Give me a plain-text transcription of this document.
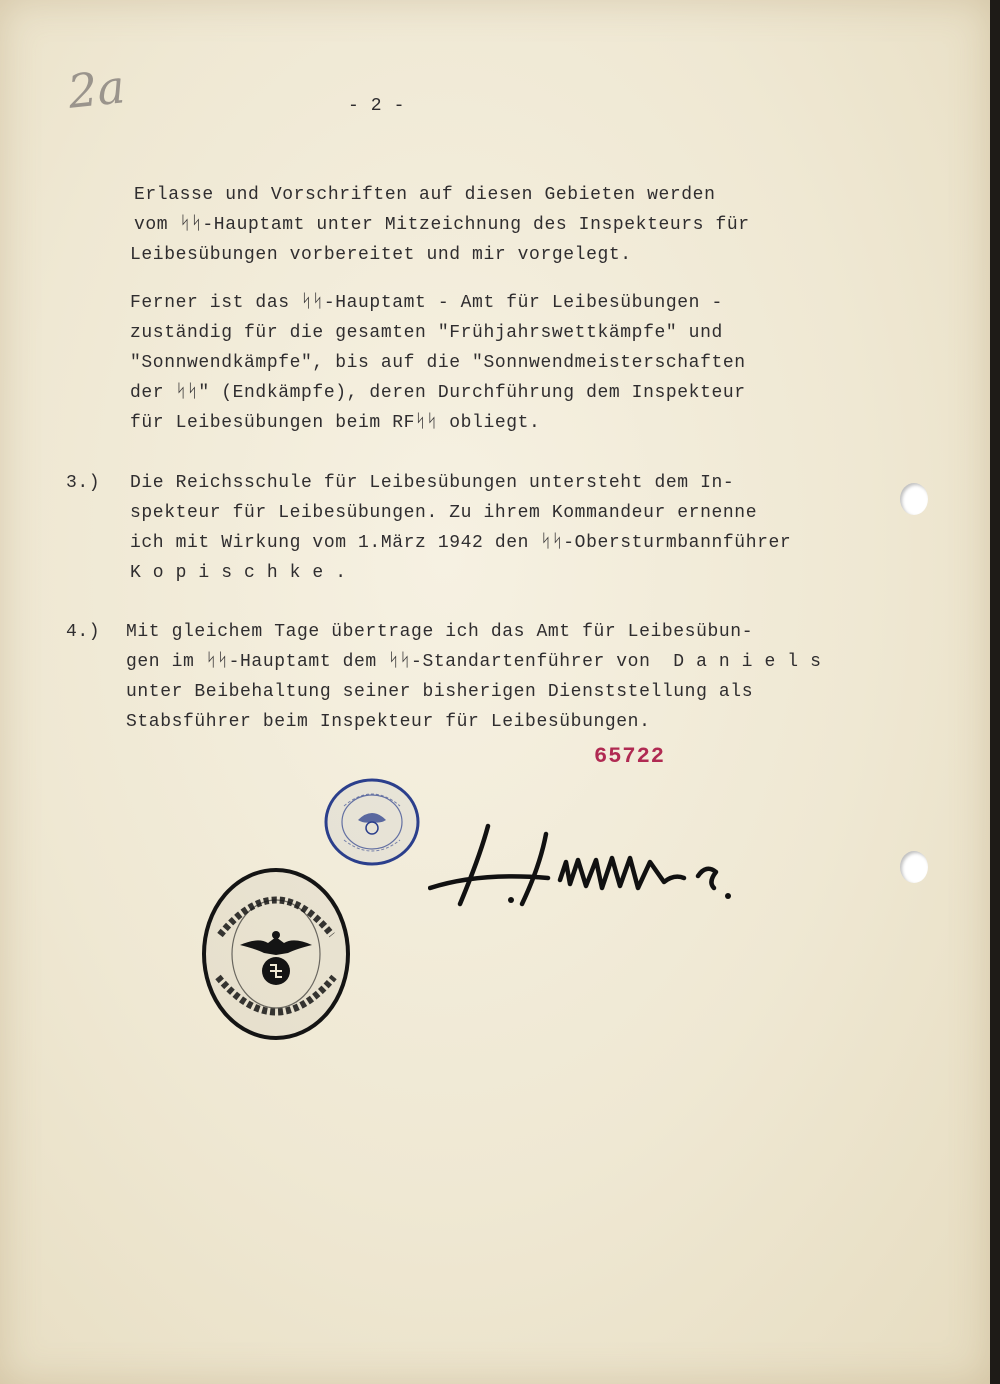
2a	- 2 -
Erlasse und Vorschriften auf diesen Gebieten werden
vom ᛋᛋ-Hauptamt unter Mitzeichnung des Inspekteurs für
Leibesübungen vorbereitet und mir vorgelegt.
Ferner ist das ᛋᛋ-Hauptamt - Amt für Leibesübungen -
zuständig für die gesamten "Frühjahrswettkämpfe" und
"Sonnwendkämpfe", bis auf die "Sonnwendmeisterschaften
der ᛋᛋ" (Endkämpfe), deren Durchführung dem Inspekteur
für Leibesübungen beim RFᛋᛋ obliegt.
3.) Die Reichsschule für Leibesübungen untersteht dem In-
spekteur für Leibesübungen. Zu ihrem Kommandeur ernenne
ich mit Wirkung vom 1.März 1942 den ᛋᛋ-Obersturmbannführer
K o p i s c h k e .
4.) Mit gleichem Tage übertrage ich das Amt für Leibesübun-
gen im ᛋᛋ-Hauptamt dem ᛋᛋ-Standartenführer von  D a n i e l s
unter Beibehaltung seiner bisherigen Dienststellung als
Stabsführer beim Inspekteur für Leibesübungen.
65722
